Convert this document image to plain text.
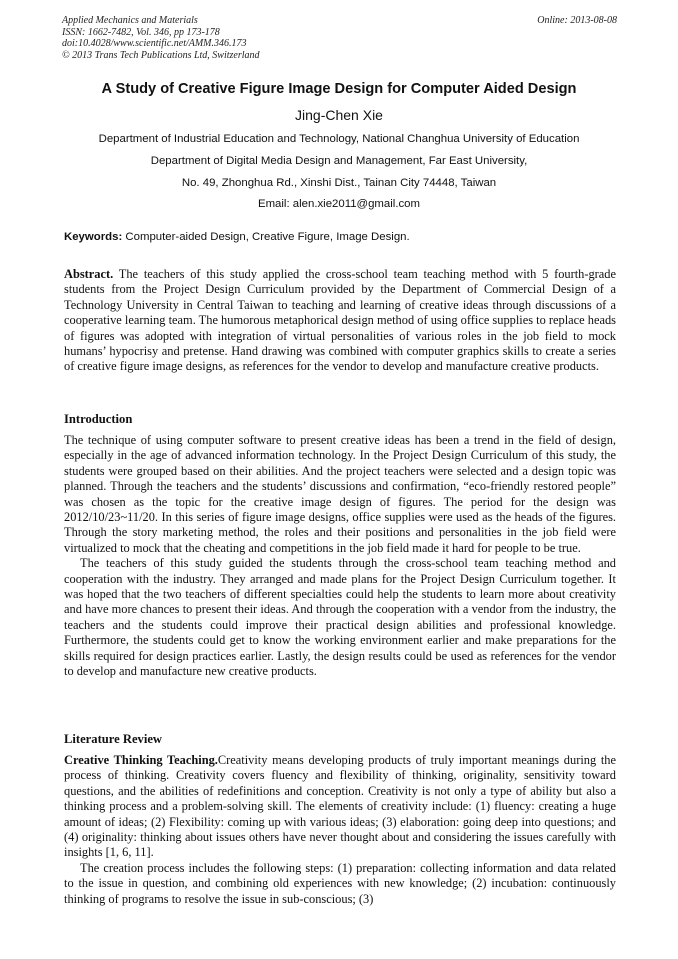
Applied Mechanics and Materials
ISSN: 1662-7482, Vol. 346, pp 173-178
doi:10.4028/www.scientific.net/AMM.346.173
© 2013 Trans Tech Publications Ltd, Switzerland
Online: 2013-08-08
A Study of Creative Figure Image Design for Computer Aided Design
Jing-Chen Xie
Department of Industrial Education and Technology, National Changhua University of Education
Department of Digital Media Design and Management, Far East University,
No. 49, Zhonghua Rd., Xinshi Dist., Tainan City 74448, Taiwan
Email: alen.xie2011@gmail.com
Keywords: Computer-aided Design, Creative Figure, Image Design.

Abstract. The teachers of this study applied the cross-school team teaching method with 5 fourth-grade students from the Project Design Curriculum provided by the Department of Commercial Design of a Technology University in Central Taiwan to teaching and learning of creative ideas through discussions of a cooperative learning team. The humorous metaphorical design method of using office supplies to replace heads of figures was adopted with integration of virtual personalities of various roles in the job field to mock humans’ hypocrisy and pretense. Hand drawing was combined with computer graphics skills to create a series of creative figure image designs, as references for the vendor to develop and manufacture creative products.

Introduction

The technique of using computer software to present creative ideas has been a trend in the field of design, especially in the age of advanced information technology. In the Project Design Curriculum of this study, the students were grouped based on their abilities. And the project teachers were selected and a design topic was planned. Through the teachers and the students’ discussions and confirmation, “eco-friendly restored people” was chosen as the topic for the creative image design of figures. The period for the design was 2012/10/23~11/20. In this series of figure image designs, office supplies were used as the heads of the figures. Through the story marketing method, the roles and their positions and personalities in the job field were virtualized to mock that the cheating and competitions in the job field made it hard for people to be true.

The teachers of this study guided the students through the cross-school team teaching method and cooperation with the industry. They arranged and made plans for the Project Design Curriculum together. It was hoped that the two teachers of different specialties could help the students to learn more about creativity and have more chances to present their ideas. And through the cooperation with a vendor from the industry, the teachers and the students could improve their practical design abilities and professional knowledge. Furthermore, the students could get to know the working environment earlier and make preparations for the skills required for design practices earlier. Lastly, the design results could be used as references for the vendor to develop and manufacture new creative products.

Literature Review

Creative Thinking Teaching.Creativity means developing products of truly important meanings during the process of thinking. Creativity covers fluency and flexibility of thinking, originality, sensitivity toward questions, and the abilities of redefinitions and conception. Creativity is not only a type of ability but also a thinking process and a problem-solving skill. The elements of creativity include: (1) fluency: creating a huge amount of ideas; (2) Flexibility: coming up with various ideas; (3) elaboration: going deep into questions; and (4) originality: thinking about issues others have never thought about and considering the issues carefully with insights [1, 6, 11].

The creation process includes the following steps: (1) preparation: collecting information and data related to the issue in question, and combining old experiences with new knowledge; (2) incubation: continuously thinking of programs to resolve the issue in sub-conscious; (3)
